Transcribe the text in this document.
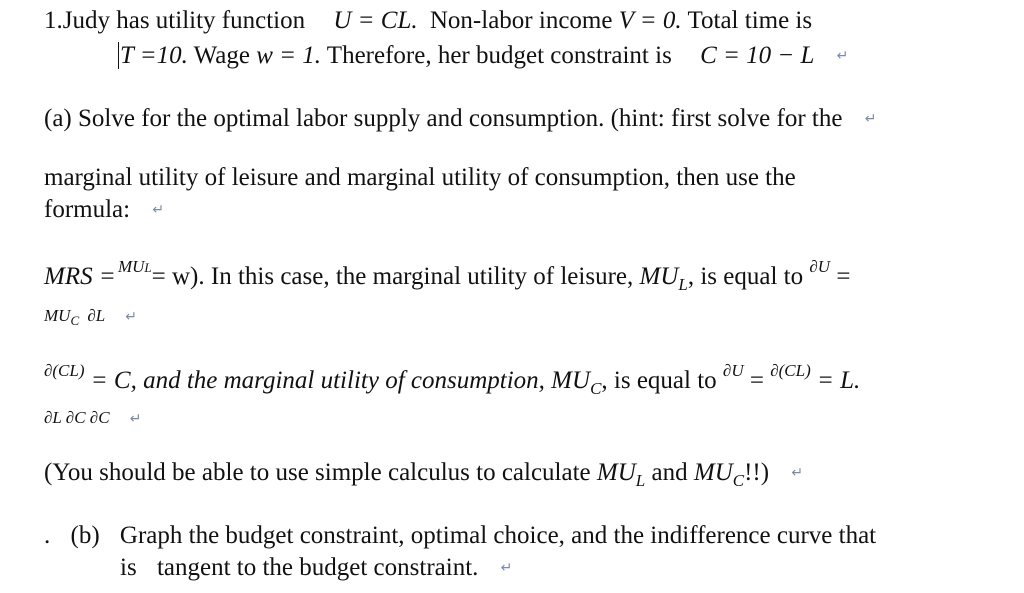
1.Judy has utility function U = CL. Non-labor income V = 0. Total time is
T =10. Wage w = 1. Therefore, her budget constraint is C = 10 − L ↵
(a) Solve for the optimal labor supply and consumption. (hint: first solve for the ↵
marginal utility of leisure and marginal utility of consumption, then use the
formula: ↵
MRS = $^{MUL}$= w). In this case, the marginal utility of leisure, $MU_L$, is equal to $^{\partial U}$ =
$MU_C$ ∂L ↵
$^{\partial(CL)}$ = C, and the marginal utility of consumption, $MU_C$, is equal to $^{\partial U}$ = $^{\partial(CL)}$ = L.
∂L ∂C ∂C ↵
(You should be able to use simple calculus to calculate $MU_L$ and $MU_C$!!) ↵
. (b) Graph the budget constraint, optimal choice, and the indifference curve that
is tangent to the budget constraint. ↵
